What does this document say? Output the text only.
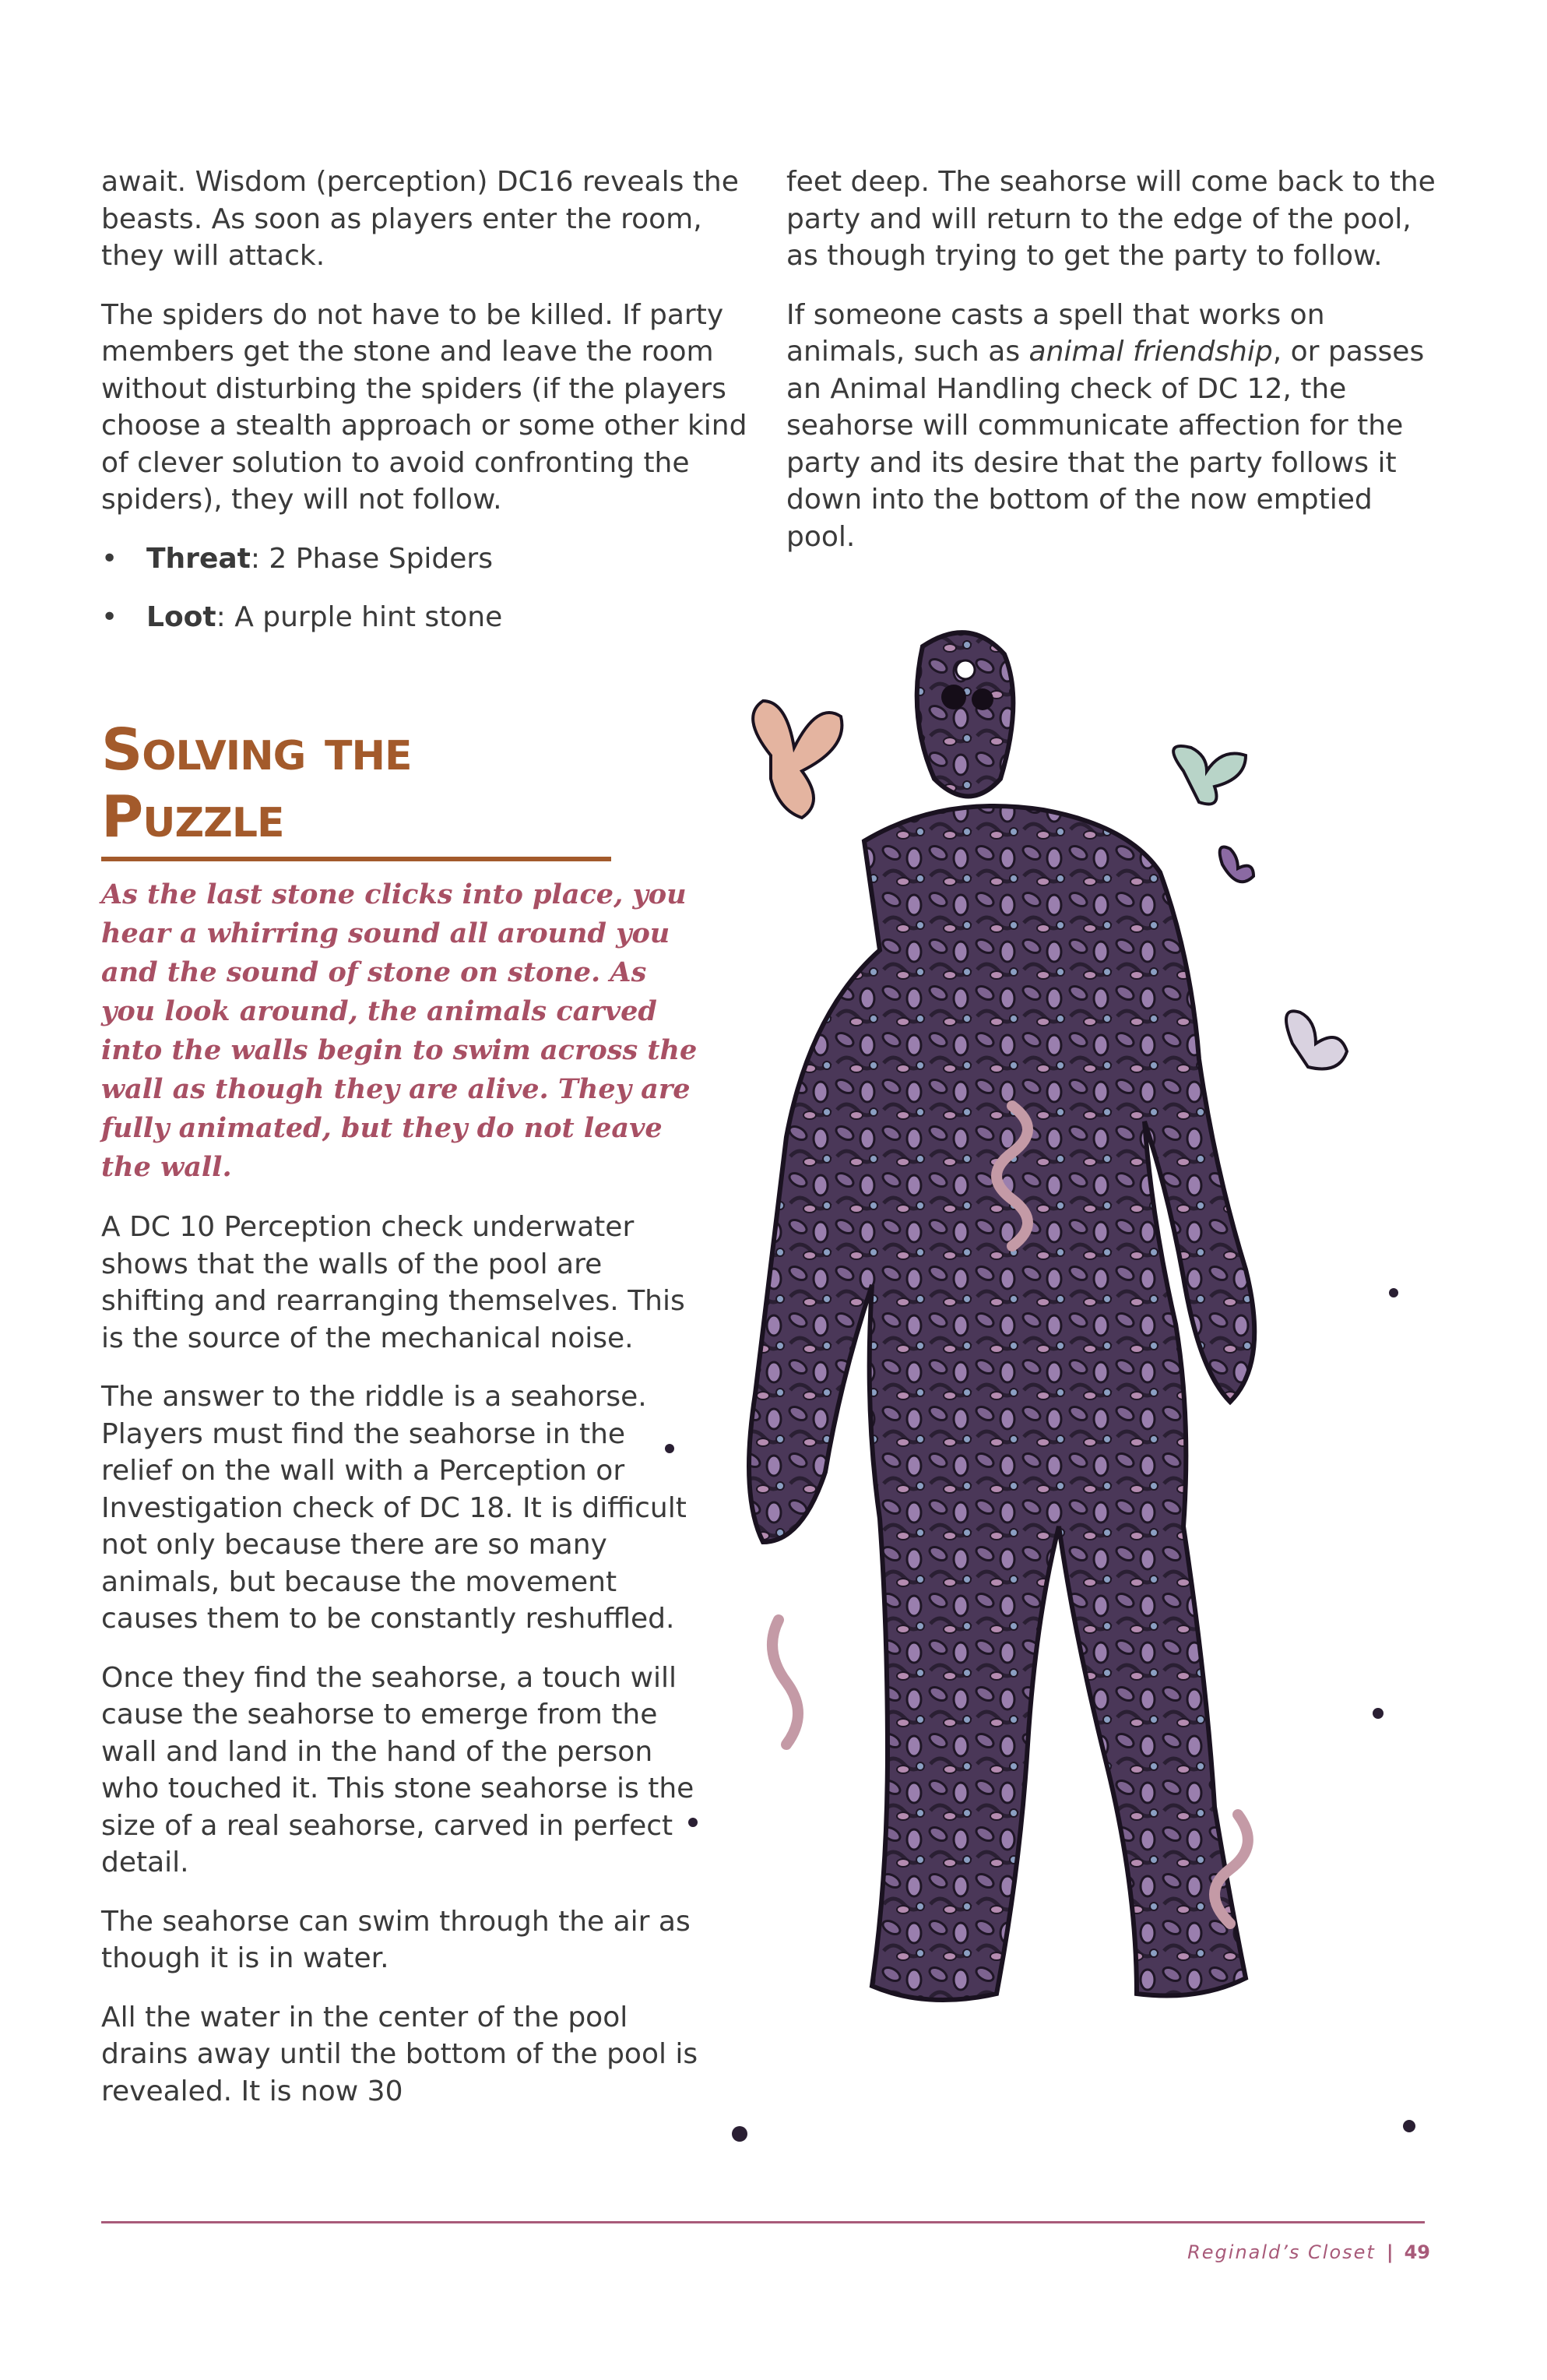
await. Wisdom (perception) DC16 reveals the beasts. As soon as players enter the room, they will attack.

The spiders do not have to be killed. If party members get the stone and leave the room without disturbing the spiders (if the players choose a stealth approach or some other kind of clever solution to avoid confronting the spiders), they will not follow.

• Threat: 2 Phase Spiders
• Loot: A purple hint stone

feet deep. The seahorse will come back to the party and will return to the edge of the pool, as though trying to get the party to follow.

If someone casts a spell that works on animals, such as animal friendship, or passes an Animal Handling check of DC 12, the seahorse will communicate affection for the party and its desire that the party follows it down into the bottom of the now emptied pool.

Solving the Puzzle

As the last stone clicks into place, you hear a whirring sound all around you and the sound of stone on stone. As you look around, the animals carved into the walls begin to swim across the wall as though they are alive. They are fully animated, but they do not leave the wall.

A DC 10 Perception check underwater shows that the walls of the pool are shifting and rearranging themselves. This is the source of the mechanical noise.

The answer to the riddle is a seahorse. Players must find the seahorse in the relief on the wall with a Perception or Investigation check of DC 18. It is difficult not only because there are so many animals, but because the movement causes them to be constantly reshuffled.

Once they find the seahorse, a touch will cause the seahorse to emerge from the wall and land in the hand of the person who touched it. This stone seahorse is the size of a real seahorse, carved in perfect detail.

The seahorse can swim through the air as though it is in water.

All the water in the center of the pool drains away until the bottom of the pool is revealed. It is now 30

Reginald’s Closet | 49
